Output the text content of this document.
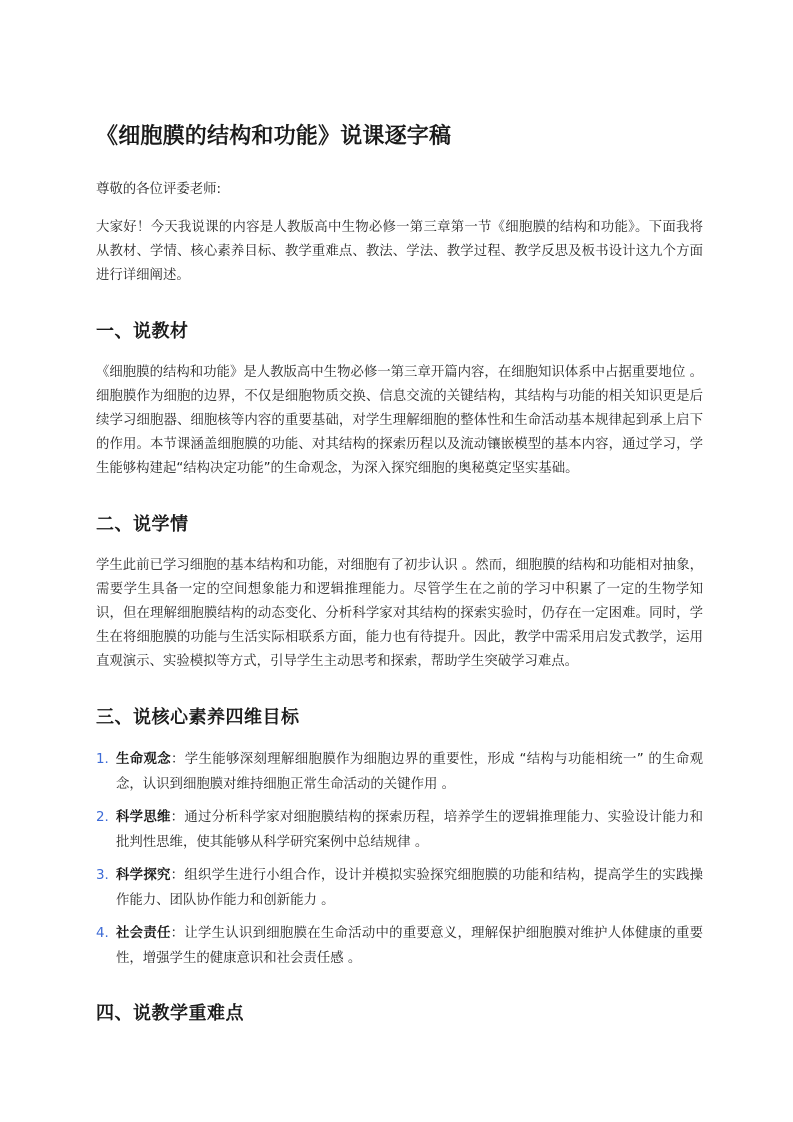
《细胞膜的结构和功能》说课逐字稿

尊敬的各位评委老师:

大家好！今天我说课的内容是人教版高中生物必修一第三章第一节《细胞膜的结构和功能》。下面我将从教材、学情、核心素养目标、教学重难点、教法、学法、教学过程、教学反思及板书设计这九个方面进行详细阐述。

一、说教材

《细胞膜的结构和功能》是人教版高中生物必修一第三章开篇内容，在细胞知识体系中占据重要地位 。细胞膜作为细胞的边界，不仅是细胞物质交换、信息交流的关键结构，其结构与功能的相关知识更是后续学习细胞器、细胞核等内容的重要基础，对学生理解细胞的整体性和生命活动基本规律起到承上启下的作用。本节课涵盖细胞膜的功能、对其结构的探索历程以及流动镶嵌模型的基本内容，通过学习，学生能够构建起“结构决定功能”的生命观念，为深入探究细胞的奥秘奠定坚实基础。

二、说学情

学生此前已学习细胞的基本结构和功能，对细胞有了初步认识 。然而，细胞膜的结构和功能相对抽象，需要学生具备一定的空间想象能力和逻辑推理能力。尽管学生在之前的学习中积累了一定的生物学知识，但在理解细胞膜结构的动态变化、分析科学家对其结构的探索实验时，仍存在一定困难。同时，学生在将细胞膜的功能与生活实际相联系方面，能力也有待提升。因此，教学中需采用启发式教学，运用直观演示、实验模拟等方式，引导学生主动思考和探索，帮助学生突破学习难点。

三、说核心素养四维目标
1. 生命观念：学生能够深刻理解细胞膜作为细胞边界的重要性，形成 “结构与功能相统一” 的生命观念，认识到细胞膜对维持细胞正常生命活动的关键作用 。
2. 科学思维：通过分析科学家对细胞膜结构的探索历程，培养学生的逻辑推理能力、实验设计能力和批判性思维，使其能够从科学研究案例中总结规律 。
3. 科学探究：组织学生进行小组合作，设计并模拟实验探究细胞膜的功能和结构，提高学生的实践操作能力、团队协作能力和创新能力 。
4. 社会责任：让学生认识到细胞膜在生命活动中的重要意义，理解保护细胞膜对维护人体健康的重要性，增强学生的健康意识和社会责任感 。
四、说教学重难点
